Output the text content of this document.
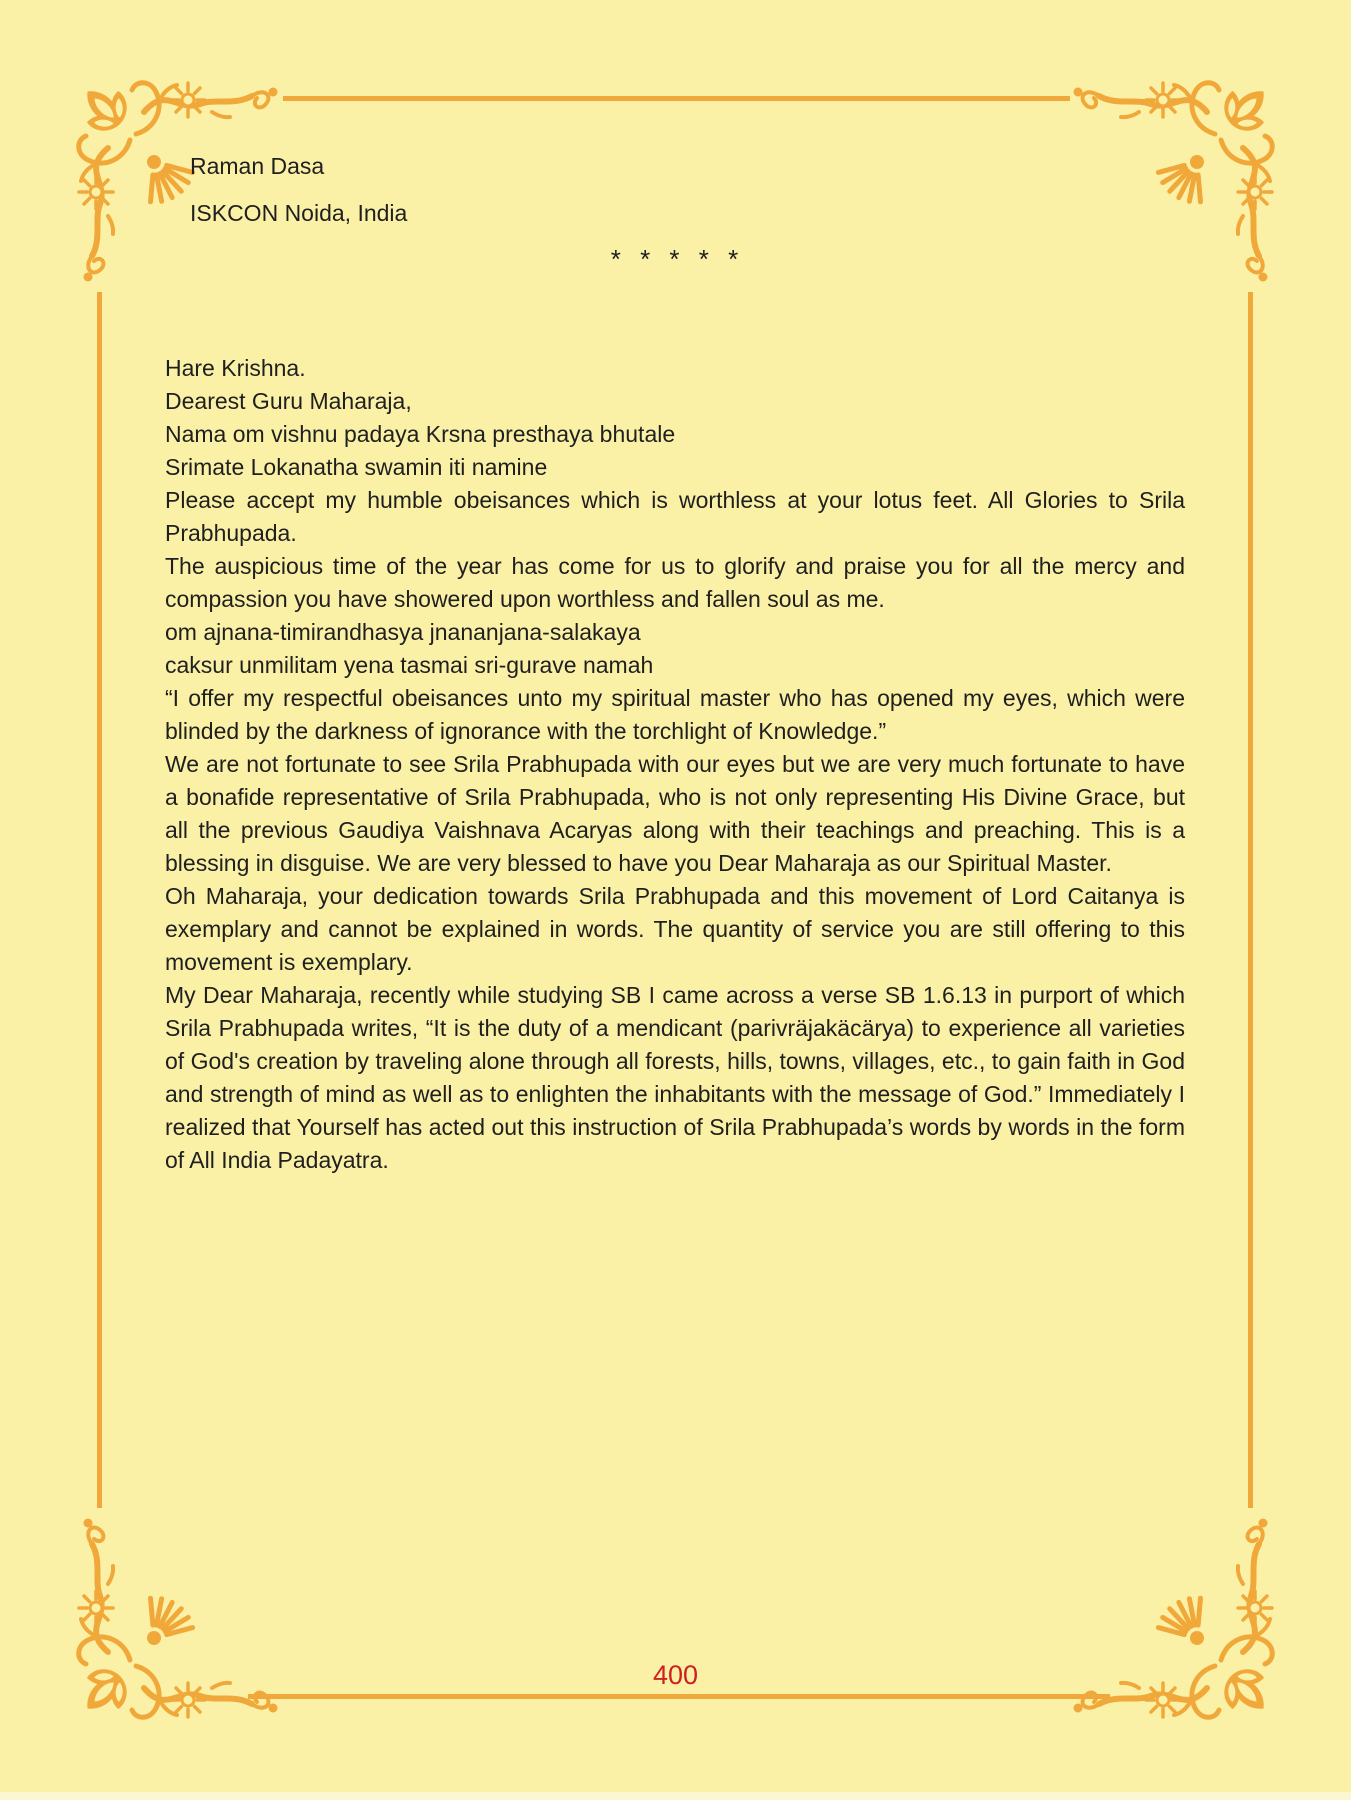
Raman Dasa
ISKCON Noida, India
* * * * *

Hare Krishna.

Dearest Guru Maharaja,

Nama om vishnu padaya Krsna presthaya bhutale

Srimate Lokanatha swamin iti namine

Please accept my humble obeisances which is worthless at your lotus feet. All Glories to Srila Prabhupada.

The auspicious time of the year has come for us to glorify and praise you for all the mercy and compassion you have showered upon worthless and fallen soul as me.

om ajnana-timirandhasya jnananjana-salakaya

caksur unmilitam yena tasmai sri-gurave namah

“I offer my respectful obeisances unto my spiritual master who has opened my eyes, which were blinded by the darkness of ignorance with the torchlight of Knowledge.”

We are not fortunate to see Srila Prabhupada with our eyes but we are very much fortunate to have a bonafide representative of Srila Prabhupada, who is not only representing His Divine Grace, but all the previous Gaudiya Vaishnava Acaryas along with their teachings and preaching. This is a blessing in disguise. We are very blessed to have you Dear Maharaja as our Spiritual Master.

Oh Maharaja, your dedication towards Srila Prabhupada and this movement of Lord Caitanya is exemplary and cannot be explained in words. The quantity of service you are still offering to this movement is exemplary.

My Dear Maharaja, recently while studying SB I came across a verse SB 1.6.13 in purport of which Srila Prabhupada writes, “It is the duty of a mendicant (parivräjakäcärya) to experience all varieties of God's creation by traveling alone through all forests, hills, towns, villages, etc., to gain faith in God and strength of mind as well as to enlighten the inhabitants with the message of God.” Immediately I realized that Yourself has acted out this instruction of Srila Prabhupada’s words by words in the form of All India Padayatra.

400
